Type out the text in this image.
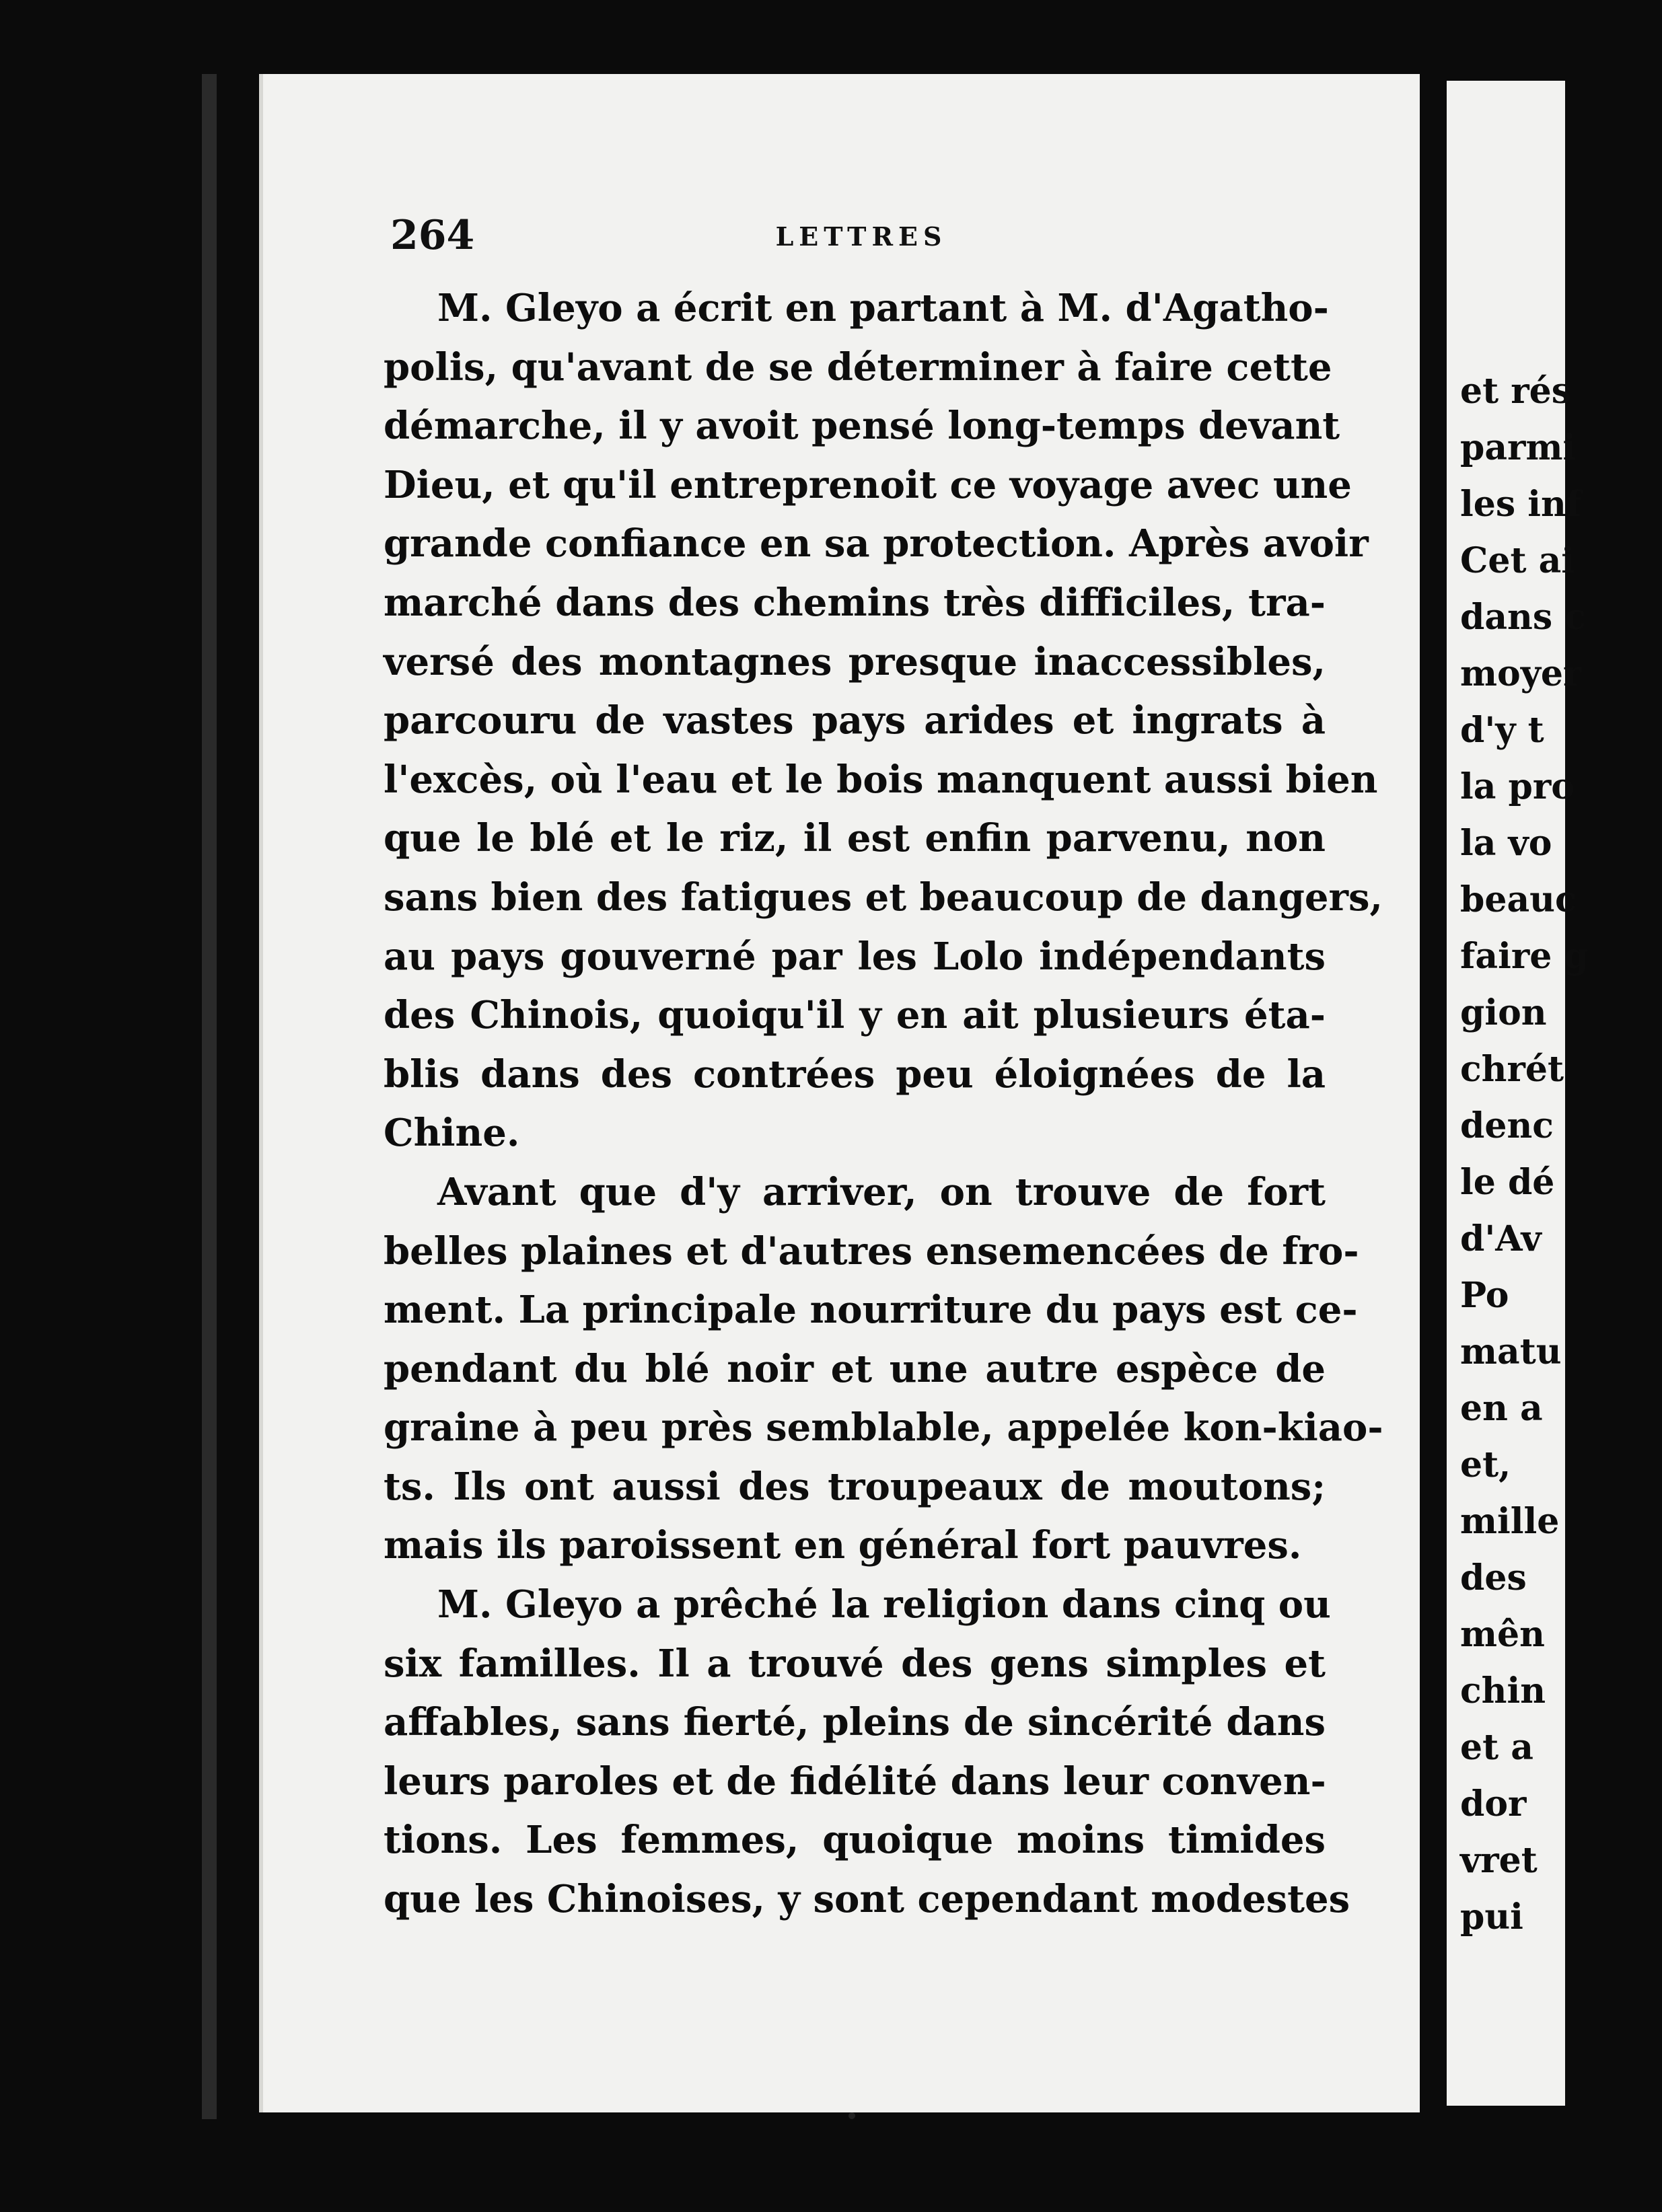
264	LETTRES
M. Gleyo a écrit en partant à M. d'Agatho-
polis, qu'avant de se déterminer à faire cette
démarche, il y avoit pensé long-temps devant
Dieu, et qu'il entreprenoit ce voyage avec une
grande confiance en sa protection. Après avoir
marché dans des chemins très difficiles, tra-
versé des montagnes presque inaccessibles,
parcouru de vastes pays arides et ingrats à
l'excès, où l'eau et le bois manquent aussi bien
que le blé et le riz, il est enfin parvenu, non
sans bien des fatigues et beaucoup de dangers,
au pays gouverné par les Lolo indépendants
des Chinois, quoiqu'il y en ait plusieurs éta-
blis dans des contrées peu éloignées de la
Chine.
Avant que d'y arriver, on trouve de fort
belles plaines et d'autres ensemencées de fro-
ment. La principale nourriture du pays est ce-
pendant du blé noir et une autre espèce de
graine à peu près semblable, appelée kon-kiao-
ts. Ils ont aussi des troupeaux de moutons;
mais ils paroissent en général fort pauvres.
M. Gleyo a prêché la religion dans cinq ou
six familles. Il a trouvé des gens simples et
affables, sans fierté, pleins de sincérité dans
leurs paroles et de fidélité dans leur conven-
tions. Les femmes, quoique moins timides
que les Chinoises, y sont cependant modestes
et rés
parmi
les inf
Cet ai
dans c
moyer
d'y t
la pro
la vo
beauc
faire g
gion
chrét
denc
le dé
d'Av
Po
matu
en a
et,
mille
des
mên
chin
et a
dor
vret
pui
